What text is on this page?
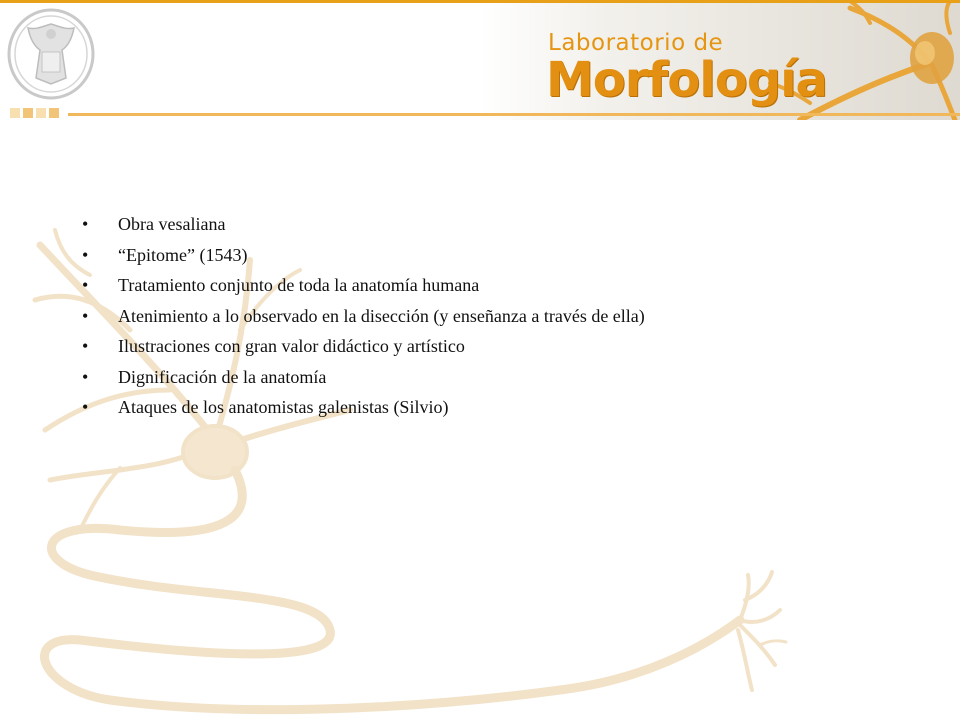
Laboratorio de
Morfología
•	Obra vesaliana
•	“Epitome” (1543)
•	Tratamiento conjunto de toda la anatomía humana
•	Atenimiento a lo observado en la disección (y enseñanza a través de ella)
•	Ilustraciones con gran valor didáctico y artístico
•	Dignificación de la anatomía
•	Ataques de los anatomistas galenistas (Silvio)
